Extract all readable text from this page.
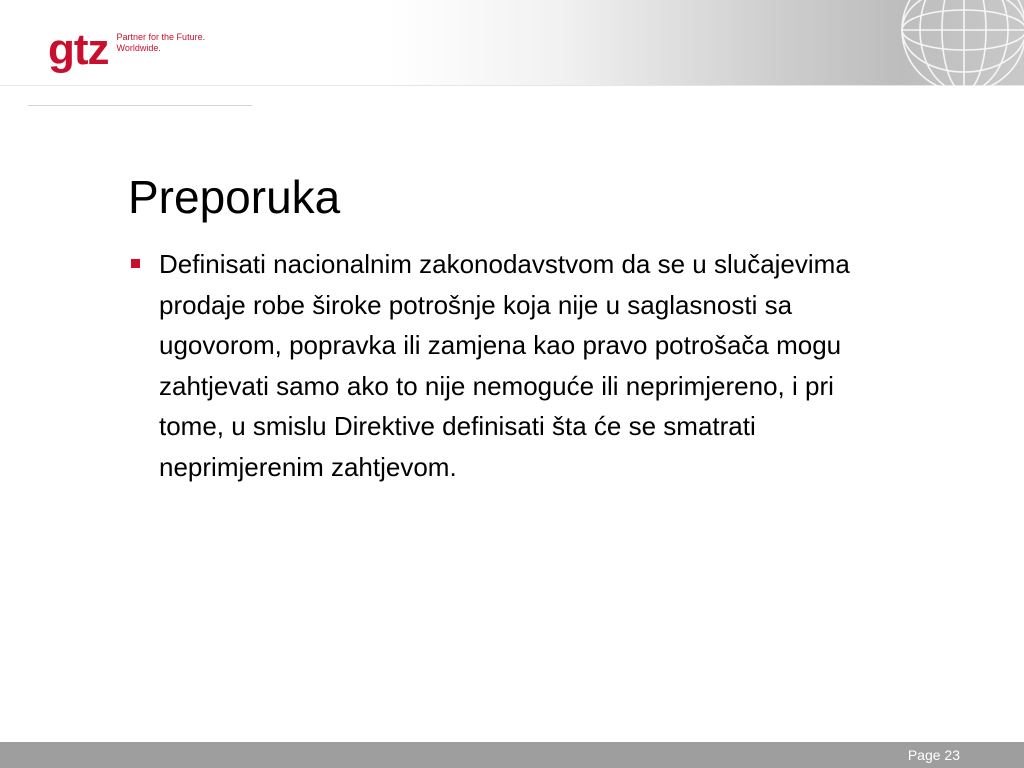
gtz Partner for the Future.
Worldwide.
Preporuka
Definisati nacionalnim zakonodavstvom da se u slučajevima prodaje robe široke potrošnje koja nije u saglasnosti sa ugovorom, popravka ili zamjena kao pravo potrošača mogu zahtjevati samo ako to nije nemoguće ili neprimjereno, i pri tome, u smislu Direktive definisati šta će se smatrati neprimjerenim zahtjevom.
Page 23
